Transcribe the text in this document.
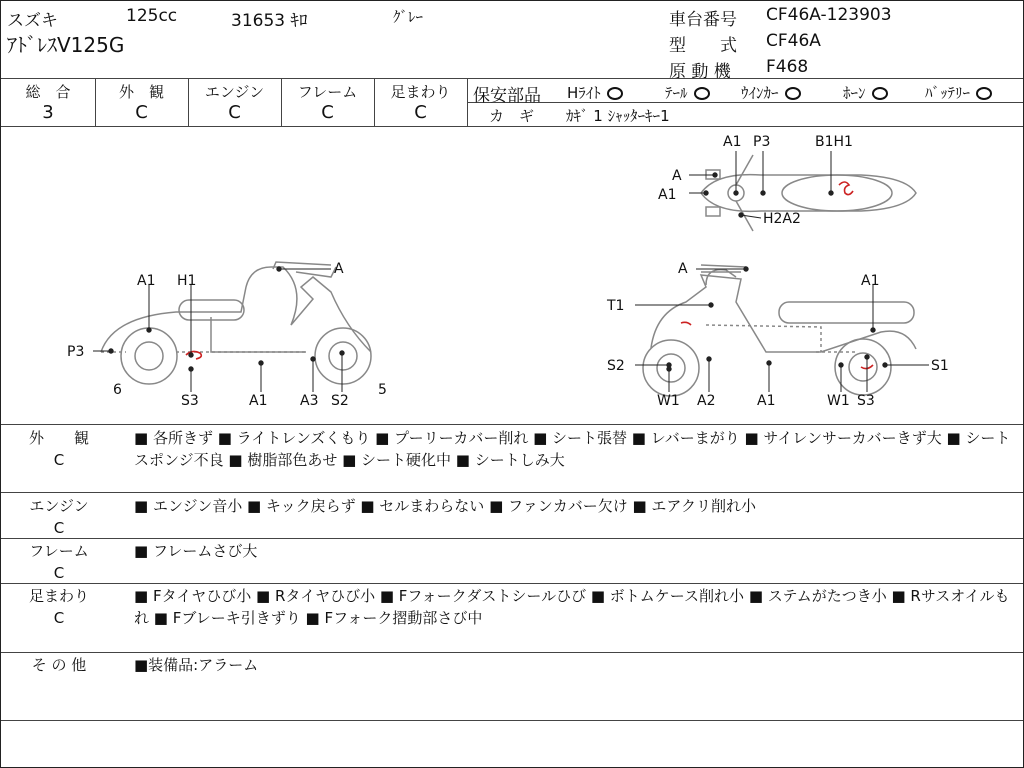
スズキ	125cc	31653 ｷﾛ	ｸﾞﾚｰ
ｱﾄﾞﾚｽV125G
車台番号 CF46A-123903
型　　式 CF46A
原 動 機 F468
総　合	外　観	エンジン	フレーム	足まわり
3	C	C	C	C
保安部品 Hﾗｲﾄ	ﾃｰﾙ	ｳｲﾝｶｰ	ﾎｰﾝ	ﾊﾞｯﾃﾘｰ
カ　ギ ｶｷﾞ 1 ｼｬｯﾀｰｷｰ1
A1 P3	B1H1
A
A1
H2A2
A1 H1
A
P3
6
S3	A1 A3 S2
5
A
A1
T1
S2	S1
W1 A2	A1	W1 S3
外　　観
C
■ 各所きず ■ ライトレンズくもり ■ プーリーカバー削れ ■ シート張替 ■ レバーまがり ■ サイレンサーカバーきず大 ■ シートスポンジ不良 ■ 樹脂部色あせ ■ シート硬化中 ■ シートしみ大
エンジン
C
■ エンジン音小 ■ キック戻らず ■ セルまわらない ■ ファンカバー欠け ■ エアクリ削れ小
フレーム
C
■ フレームさび大
足まわり
C
■ Fタイヤひび小 ■ Rタイヤひび小 ■ Fフォークダストシールひび ■ ボトムケース削れ小 ■ ステムがたつき小 ■ Rサスオイルもれ ■ Fブレーキ引きずり ■ Fフォーク摺動部さび中
そ の 他	■装備品:アラーム
